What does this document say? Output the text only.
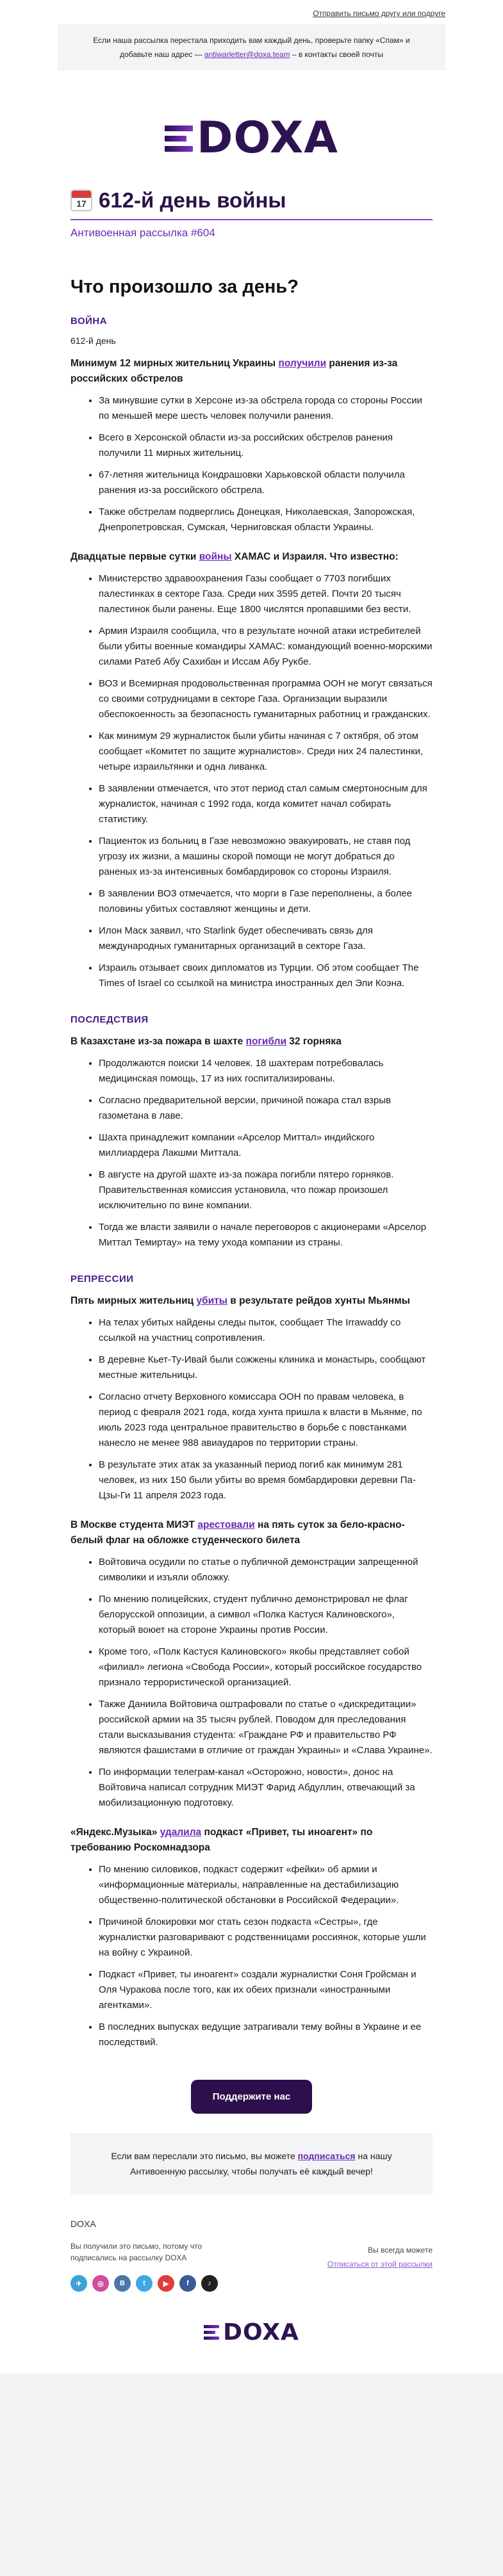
Отправить письмо другу или подруге
Если наша рассылка перестала приходить вам каждый день, проверьте папку «Спам» и добавьте наш адрес — antiwarletter@doxa.team – в контакты своей почты
DOXA
17
612-й день войны
Антивоенная рассылка #604
Что произошло за день?
ВОЙНА
612-й день

Минимум 12 мирных жительниц Украины получили ранения из-за российских обстрелов

• За минувшие сутки в Херсоне из-за обстрела города со стороны России по меньшей мере шесть человек получили ранения.
• Всего в Херсонской области из-за российских обстрелов ранения получили 11 мирных жительниц.
• 67-летняя жительница Кондрашовки Харьковской области получила ранения из-за российского обстрела.
• Также обстрелам подверглись Донецкая, Николаевская, Запорожская, Днепропетровская, Сумская, Черниговская области Украины.

Двадцатые первые сутки войны ХАМАС и Израиля. Что известно:

• Министерство здравоохранения Газы сообщает о 7703 погибших палестинках в секторе Газа. Среди них 3595 детей. Почти 20 тысяч палестинок были ранены. Еще 1800 числятся пропавшими без вести.
• Армия Израиля сообщила, что в результате ночной атаки истребителей были убиты военные командиры ХАМАС: командующий военно-морскими силами Ратеб Абу Сахибан и Иссам Абу Рукбе.
• ВОЗ и Всемирная продовольственная программа ООН не могут связаться со своими сотрудницами в секторе Газа. Организации выразили обеспокоенность за безопасность гуманитарных работниц и гражданских.
• Как минимум 29 журналисток были убиты начиная с 7 октября, об этом сообщает «Комитет по защите журналистов». Среди них 24 палестинки, четыре израильтянки и одна ливанка.
• В заявлении отмечается, что этот период стал самым смертоносным для журналисток, начиная с 1992 года, когда комитет начал собирать статистику.
• Пациенток из больниц в Газе невозможно эвакуировать, не ставя под угрозу их жизни, а машины скорой помощи не могут добраться до раненых из-за интенсивных бомбардировок со стороны Израиля.
• В заявлении ВОЗ отмечается, что морги в Газе переполнены, а более половины убитых составляют женщины и дети.
• Илон Маск заявил, что Starlink будет обеспечивать связь для международных гуманитарных организаций в секторе Газа.
• Израиль отзывает своих дипломатов из Турции. Об этом сообщает The Times of Israel со ссылкой на министра иностранных дел Эли Коэна.
ПОСЛЕДСТВИЯ

В Казахстане из-за пожара в шахте погибли 32 горняка

• Продолжаются поиски 14 человек. 18 шахтерам потребовалась медицинская помощь, 17 из них госпитализированы.
• Согласно предварительной версии, причиной пожара стал взрыв газометана в лаве.
• Шахта принадлежит компании «Арселор Миттал» индийского миллиардера Лакшми Миттала.
• В августе на другой шахте из-за пожара погибли пятеро горняков. Правительственная комиссия установила, что пожар произошел исключительно по вине компании.
• Тогда же власти заявили о начале переговоров с акционерами «Арселор Миттал Темиртау» на тему ухода компании из страны.
РЕПРЕССИИ

Пять мирных жительниц убиты в результате рейдов хунты Мьянмы

• На телах убитых найдены следы пыток, сообщает The Irrawaddy со ссылкой на участниц сопротивления.
• В деревне Кьет-Ту-Ивай были сожжены клиника и монастырь, сообщают местные жительницы.
• Согласно отчету Верховного комиссара ООН по правам человека, в период с февраля 2021 года, когда хунта пришла к власти в Мьянме, по июль 2023 года центральное правительство в борьбе с повстанками нанесло не менее 988 авиаударов по территории страны.
• В результате этих атак за указанный период погиб как минимум 281 человек, из них 150 были убиты во время бомбардировки деревни Па-Цзы-Ги 11 апреля 2023 года.

В Москве студента МИЭТ арестовали на пять суток за бело-красно-белый флаг на обложке студенческого билета

• Войтовича осудили по статье о публичной демонстрации запрещенной символики и изъяли обложку.
• По мнению полицейских, студент публично демонстрировал не флаг белорусской оппозиции, а символ «Полка Кастуся Калиновского», который воюет на стороне Украины против России.
• Кроме того, «Полк Кастуся Калиновского» якобы представляет собой «филиал» легиона «Свобода России», который российское государство признало террористической организацией.
• Также Даниила Войтовича оштрафовали по статье о «дискредитации» российской армии на 35 тысяч рублей. Поводом для преследования стали высказывания студента: «Граждане РФ и правительство РФ являются фашистами в отличие от граждан Украины» и «Слава Украине».
• По информации телеграм-канал «Осторожно, новости», донос на Войтовича написал сотрудник МИЭТ Фарид Абдуллин, отвечающий за мобилизационную подготовку.

«Яндекс.Музыка» удалила подкаст «Привет, ты иноагент» по требованию Роскомнадзора

• По мнению силовиков, подкаст содержит «фейки» об армии и «информационные материалы, направленные на дестабилизацию общественно-политической обстановки в Российской Федерации».
• Причиной блокировки мог стать сезон подкаста «Сестры», где журналистки разговаривают с родственницами россиянок, которые ушли на войну с Украиной.
• Подкаст «Привет, ты иноагент» создали журналистки Соня Гройсман и Оля Чуракова после того, как их обеих признали «иностранными агентками».
• В последних выпусках ведущие затрагивали тему войны в Украине и ее последствий.
Поддержите нас
Если вам переслали это письмо, вы можете подписаться на нашу Антивоенную рассылку, чтобы получать её каждый вечер!
DOXA
Вы получили это письмо, потому что подписались на рассылку DOXA
✈	◎	В	t	▶	f	♪
Вы всегда можете
Отписаться от этой рассылки
DOXA
